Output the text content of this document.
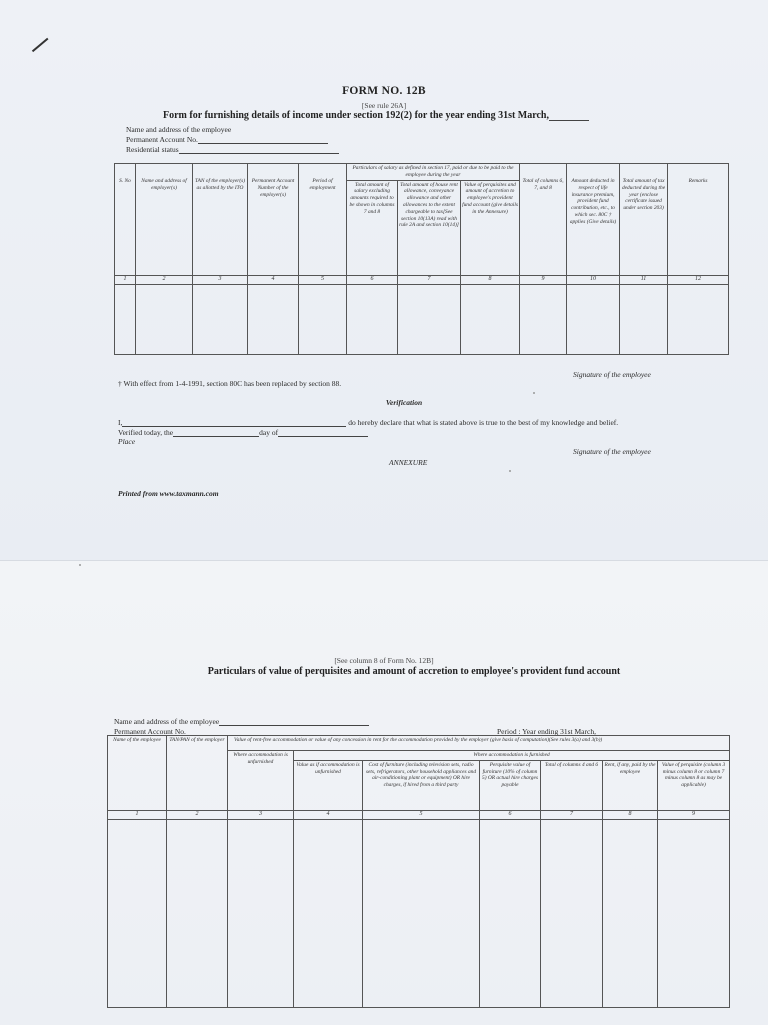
FORM NO. 12B
[See rule 26A]
Form for furnishing details of income under section 192(2) for the year ending 31st March,
Name and address of the employee
Permanent Account No.
Residential status
S. No	Name and address of employer(s)	TAN of the employer(s) as allotted by the ITO	Permanent Account Number of the employer(s)	Period of employment	Particulars of salary as defined in section 17, paid or due to be paid to the employee during the year			Total of columns 6, 7, and 8	Amount deducted in respect of life insurance premium, provident fund contribution, etc., to which sec. 80C † applies (Give details)	Total amount of tax deducted during the year (enclose certificate issued under section 203)	Remarks
					Total amount of salary excluding amounts required to be shown in columns 7 and 8	Total amount of house rent allowance, conveyance allowance and other allowances to the extent chargeable to tax[See section 10(13A) read with rule 2A and section 10(14)]	Value of perquisites and amount of accretion to employee's provident fund account (give details in the Annexure)				
1	2	3	4	5	6	7	8	9	10	11	12

Signature of the employee
† With effect from 1-4-1991, section 80C has been replaced by section 88.
Verification
I,	do hereby declare that what is stated above is true to the best of my knowledge and belief.
Verified today, the	day of
Place
Signature of the employee
ANNEXURE
Printed from www.taxmann.com
[See column 8 of Form No. 12B]
Particulars of value of perquisites and amount of accretion to employee's provident fund account
Name and address of the employee
Permanent Account No.	Period : Year ending 31st March,
Name of the employee	TAN/PAN of the employer	Value of rent-free accommodation or value of any concession in rent for the accommodation provided by the employer (give basis of computation)(See rules 3(a) and 3(b))						
		Where accommodation is unfurnished	Where accommodation is furnished					
			Value as if accommodation is unfurnished	Cost of furniture (including television sets, radio sets, refrigerators, other household appliances and air-conditioning plant or equipment) OR hire charges, if hired from a third party	Perquisite value of furniture (10% of column 5) OR actual hire charges payable	Total of columns 4 and 6	Rent, if any, paid by the employee	Value of perquisite (column 3 minus column 8 or column 7 minus column 8 as may be applicable)
1	2	3	4	5	6	7	8	9
